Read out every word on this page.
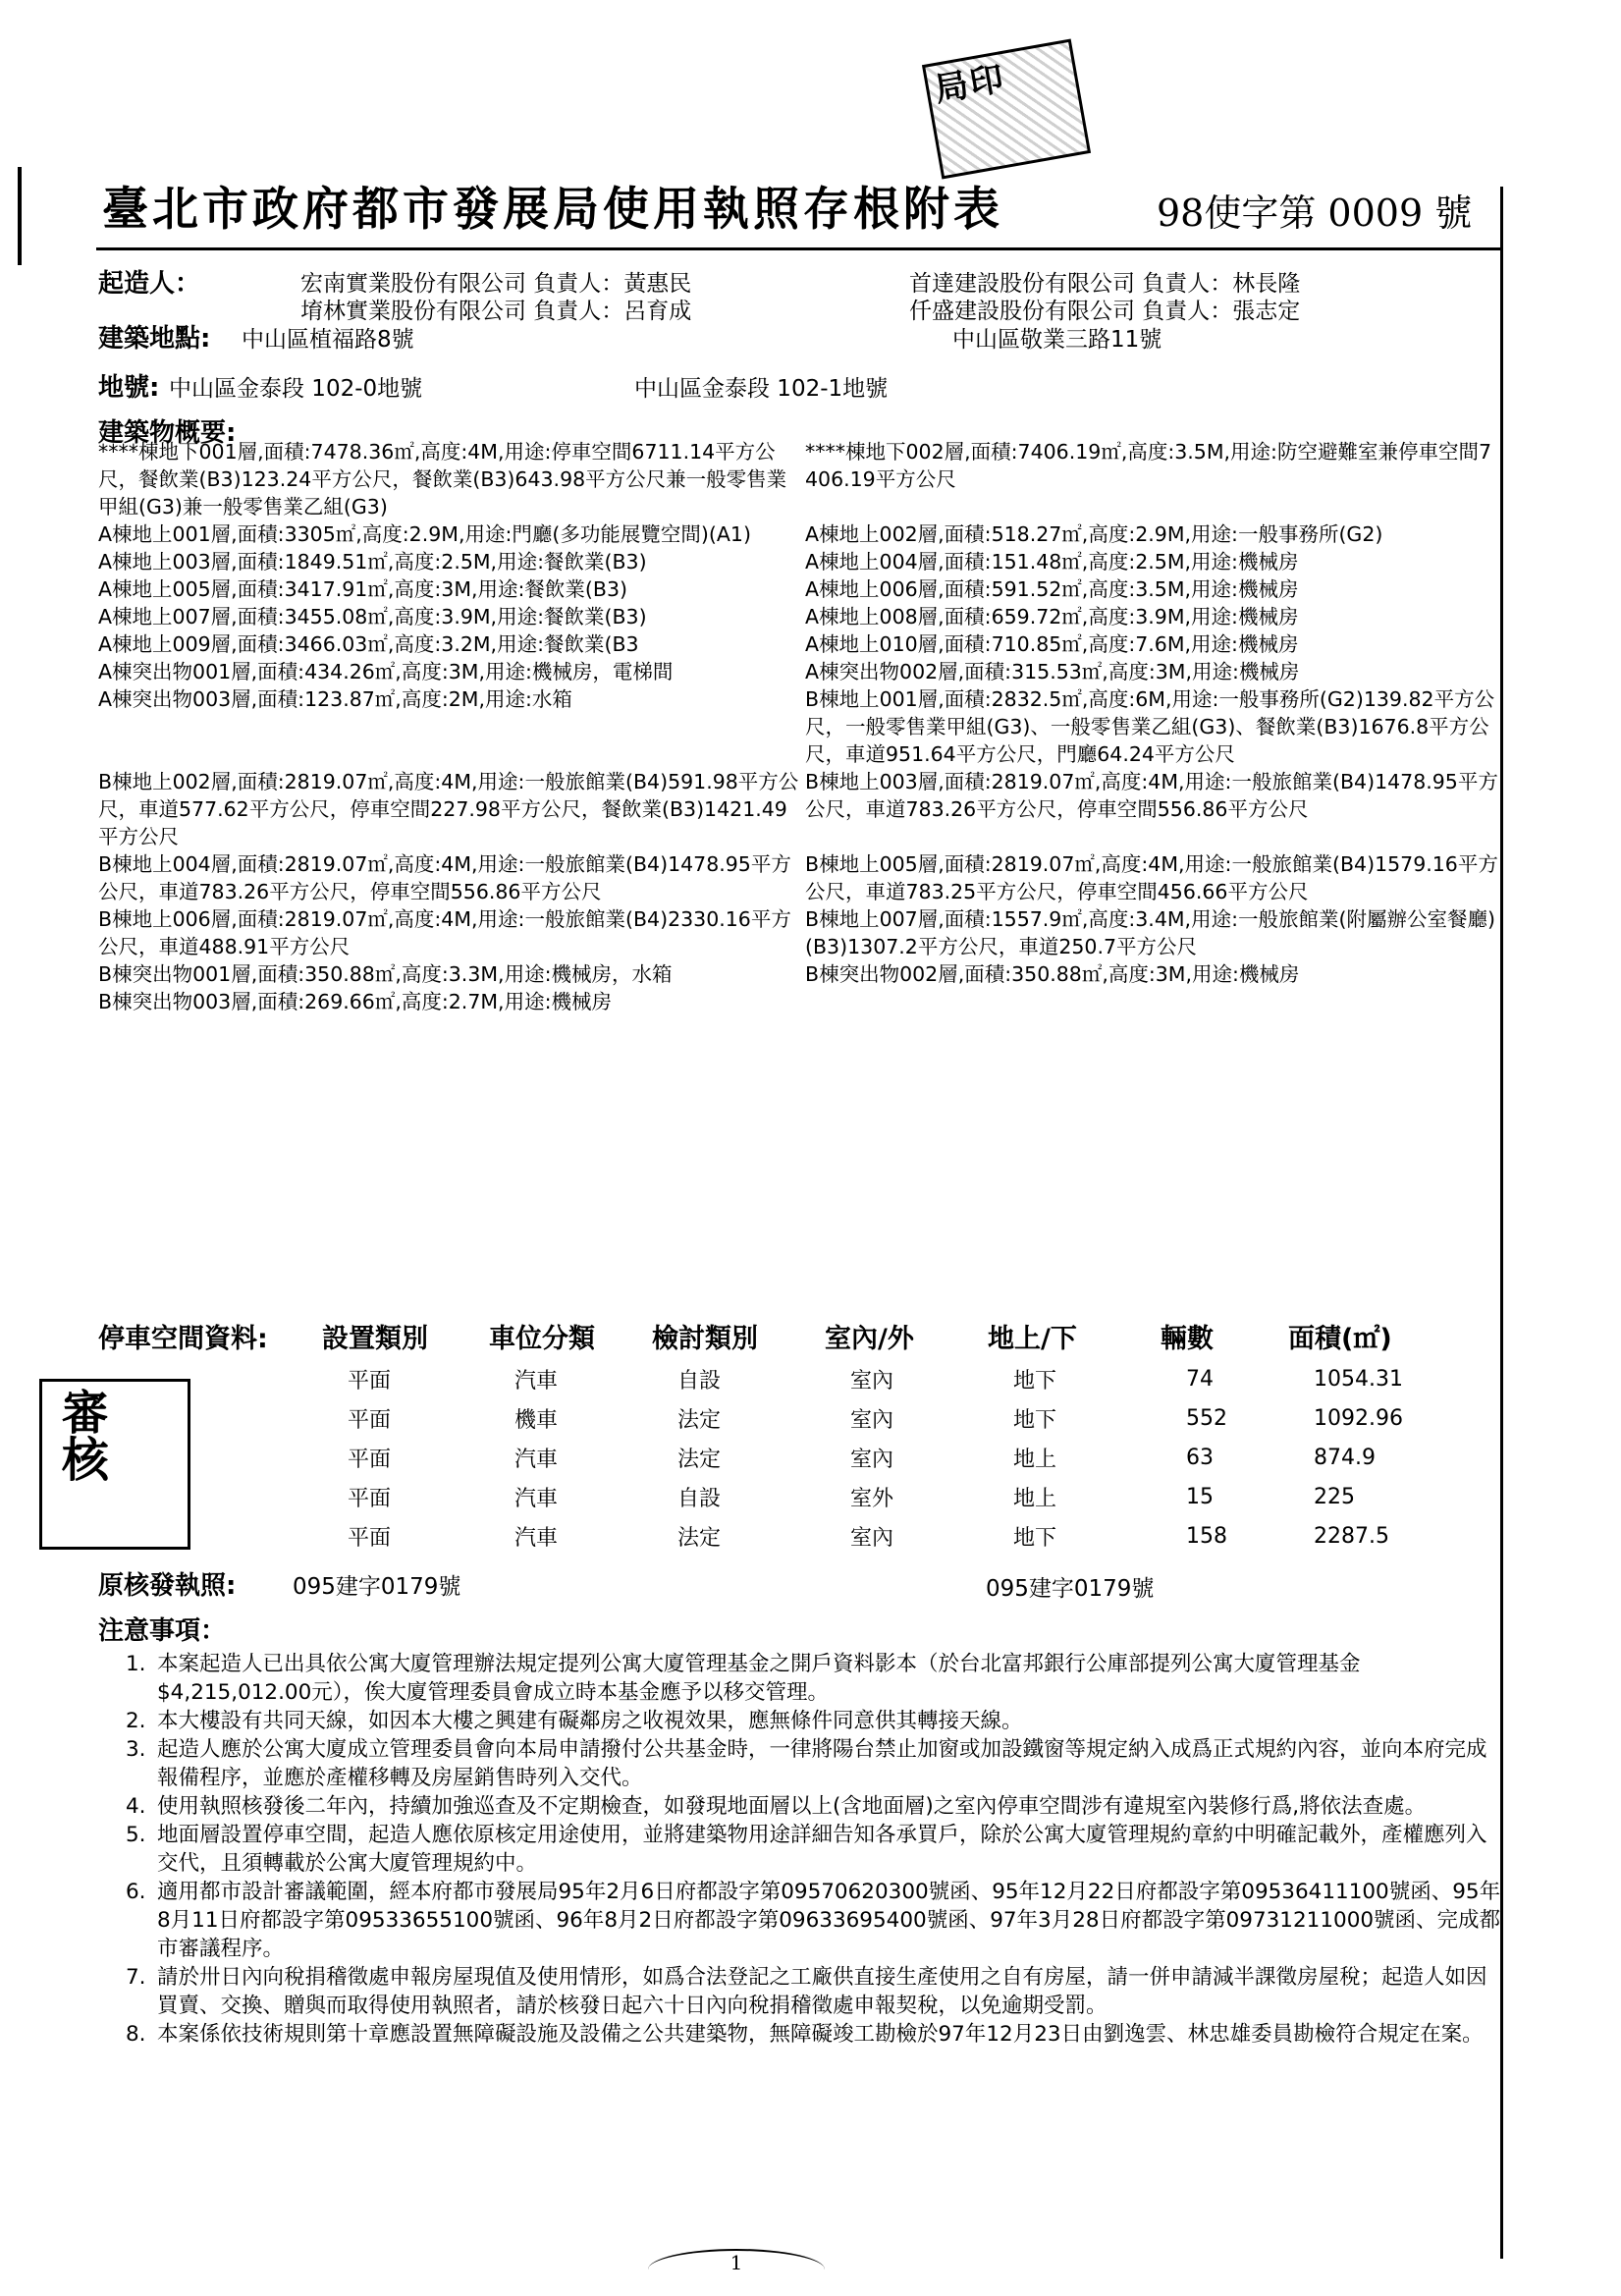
局印
審核
臺北市政府都市發展局使用執照存根附表	98使字第 0009 號
起造人：	宏南實業股份有限公司 負責人：黃惠民	首達建設股份有限公司 負責人：林長隆
堉林實業股份有限公司 負責人：呂育成	仟盛建設股份有限公司 負責人：張志定
建築地點: 中山區植福路8號	中山區敬業三路11號
地號: 中山區金泰段 102-0地號	中山區金泰段 102-1地號
建築物概要:
****棟地下001層,面積:7478.36㎡,高度:4M,用途:停車空間6711.14平方公尺，餐飲業(B3)123.24平方公尺，餐飲業(B3)643.98平方公尺兼一般零售業甲組(G3)兼一般零售業乙組(G3)
****棟地下002層,面積:7406.19㎡,高度:3.5M,用途:防空避難室兼停車空間7406.19平方公尺
A棟地上001層,面積:3305㎡,高度:2.9M,用途:門廳(多功能展覽空間)(A1)	A棟地上002層,面積:518.27㎡,高度:2.9M,用途:一般事務所(G2)
A棟地上003層,面積:1849.51㎡,高度:2.5M,用途:餐飲業(B3)	A棟地上004層,面積:151.48㎡,高度:2.5M,用途:機械房
A棟地上005層,面積:3417.91㎡,高度:3M,用途:餐飲業(B3)	A棟地上006層,面積:591.52㎡,高度:3.5M,用途:機械房
A棟地上007層,面積:3455.08㎡,高度:3.9M,用途:餐飲業(B3)	A棟地上008層,面積:659.72㎡,高度:3.9M,用途:機械房
A棟地上009層,面積:3466.03㎡,高度:3.2M,用途:餐飲業(B3	A棟地上010層,面積:710.85㎡,高度:7.6M,用途:機械房
A棟突出物001層,面積:434.26㎡,高度:3M,用途:機械房，電梯間	A棟突出物002層,面積:315.53㎡,高度:3M,用途:機械房
A棟突出物003層,面積:123.87㎡,高度:2M,用途:水箱	B棟地上001層,面積:2832.5㎡,高度:6M,用途:一般事務所(G2)139.82平方公尺，一般零售業甲組(G3)、一般零售業乙組(G3)、餐飲業(B3)1676.8平方公尺，車道951.64平方公尺，門廳64.24平方公尺
B棟地上002層,面積:2819.07㎡,高度:4M,用途:一般旅館業(B4)591.98平方公尺，車道577.62平方公尺，停車空間227.98平方公尺，餐飲業(B3)1421.49平方公尺
B棟地上003層,面積:2819.07㎡,高度:4M,用途:一般旅館業(B4)1478.95平方公尺，車道783.26平方公尺，停車空間556.86平方公尺
B棟地上004層,面積:2819.07㎡,高度:4M,用途:一般旅館業(B4)1478.95平方公尺，車道783.26平方公尺，停車空間556.86平方公尺
B棟地上005層,面積:2819.07㎡,高度:4M,用途:一般旅館業(B4)1579.16平方公尺，車道783.25平方公尺，停車空間456.66平方公尺
B棟地上006層,面積:2819.07㎡,高度:4M,用途:一般旅館業(B4)2330.16平方公尺，車道488.91平方公尺
B棟地上007層,面積:1557.9㎡,高度:3.4M,用途:一般旅館業(附屬辦公室餐廳)(B3)1307.2平方公尺，車道250.7平方公尺
B棟突出物001層,面積:350.88㎡,高度:3.3M,用途:機械房，水箱	B棟突出物002層,面積:350.88㎡,高度:3M,用途:機械房
B棟突出物003層,面積:269.66㎡,高度:2.7M,用途:機械房
停車空間資料:	設置類別	車位分類	檢討類別	室內/外	地上/下	輛數	面積(㎡)
平面	汽車	自設	室內	地下	74	1054.31
平面	機車	法定	室內	地下	552	1092.96
平面	汽車	法定	室內	地上	63	874.9
平面	汽車	自設	室外	地上	15	225
平面	汽車	法定	室內	地下	158	2287.5
原核發執照:	095建字0179號	095建字0179號
注意事項：
1. 本案起造人已出具依公寓大廈管理辦法規定提列公寓大廈管理基金之開戶資料影本（於台北富邦銀行公庫部提列公寓大廈管理基金$4,215,012.00元），俟大廈管理委員會成立時本基金應予以移交管理。
2. 本大樓設有共同天線，如因本大樓之興建有礙鄰房之收視效果，應無條件同意供其轉接天線。
3. 起造人應於公寓大廈成立管理委員會向本局申請撥付公共基金時，一律將陽台禁止加窗或加設鐵窗等規定納入成爲正式規約內容，並向本府完成報備程序，並應於產權移轉及房屋銷售時列入交代。
4. 使用執照核發後二年內，持續加強巡查及不定期檢查，如發現地面層以上(含地面層)之室內停車空間涉有違規室內裝修行爲,將依法查處。
5. 地面層設置停車空間，起造人應依原核定用途使用，並將建築物用途詳細告知各承買戶，除於公寓大廈管理規約章約中明確記載外，產權應列入交代，且須轉載於公寓大廈管理規約中。
6. 適用都市設計審議範圍，經本府都市發展局95年2月6日府都設字第09570620300號函、95年12月22日府都設字第09536411100號函、95年8月11日府都設字第09533655100號函、96年8月2日府都設字第09633695400號函、97年3月28日府都設字第09731211000號函、完成都市審議程序。
7. 請於卅日內向稅捐稽徵處申報房屋現值及使用情形，如爲合法登記之工廠供直接生產使用之自有房屋，請一併申請減半課徵房屋稅；起造人如因買賣、交換、贈與而取得使用執照者，請於核發日起六十日內向稅捐稽徵處申報契稅，以免逾期受罰。
8. 本案係依技術規則第十章應設置無障礙設施及設備之公共建築物，無障礙竣工勘檢於97年12月23日由劉逸雲、林忠雄委員勘檢符合規定在案。
1
